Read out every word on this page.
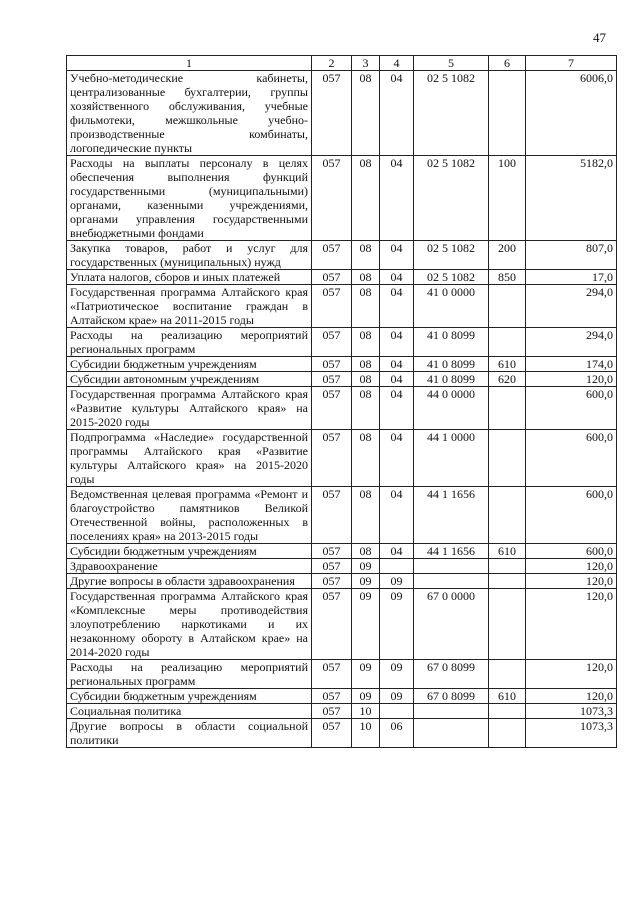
47
1	2	3	4	5	6	7
Учебно-методические кабинеты, централизованные бухгалтерии, группы хозяйственного обслуживания, учебные фильмотеки, межшкольные учебно-производственные комбинаты, логопедические пункты	057	08	04	02 5 1082		6006,0
Расходы на выплаты персоналу в целях обеспечения выполнения функций государственными (муниципальными) органами, казенными учреждениями, органами управления государственными внебюджетными фондами	057	08	04	02 5 1082	100	5182,0
Закупка товаров, работ и услуг для государственных (муниципальных) нужд	057	08	04	02 5 1082	200	807,0
Уплата налогов, сборов и иных платежей	057	08	04	02 5 1082	850	17,0
Государственная программа Алтайского края «Патриотическое воспитание граждан в Алтайском крае» на 2011-2015 годы	057	08	04	41 0 0000		294,0
Расходы на реализацию мероприятий региональных программ	057	08	04	41 0 8099		294,0
Субсидии бюджетным учреждениям	057	08	04	41 0 8099	610	174,0
Субсидии автономным учреждениям	057	08	04	41 0 8099	620	120,0
Государственная программа Алтайского края «Развитие культуры Алтайского края» на 2015-2020 годы	057	08	04	44 0 0000		600,0
Подпрограмма «Наследие» государственной программы Алтайского края «Развитие культуры Алтайского края» на 2015-2020 годы	057	08	04	44 1 0000		600,0
Ведомственная целевая программа «Ремонт и благоустройство памятников Великой Отечественной войны, расположенных в поселениях края» на 2013-2015 годы	057	08	04	44 1 1656		600,0
Субсидии бюджетным учреждениям	057	08	04	44 1 1656	610	600,0
Здравоохранение	057	09				120,0
Другие вопросы в области здравоохранения	057	09	09			120,0
Государственная программа Алтайского края «Комплексные меры противодействия злоупотреблению наркотиками и их незаконному обороту в Алтайском крае» на 2014-2020 годы	057	09	09	67 0 0000		120,0
Расходы на реализацию мероприятий региональных программ	057	09	09	67 0 8099		120,0
Субсидии бюджетным учреждениям	057	09	09	67 0 8099	610	120,0
Социальная политика	057	10				1073,3
Другие вопросы в области социальной политики	057	10	06			1073,3
